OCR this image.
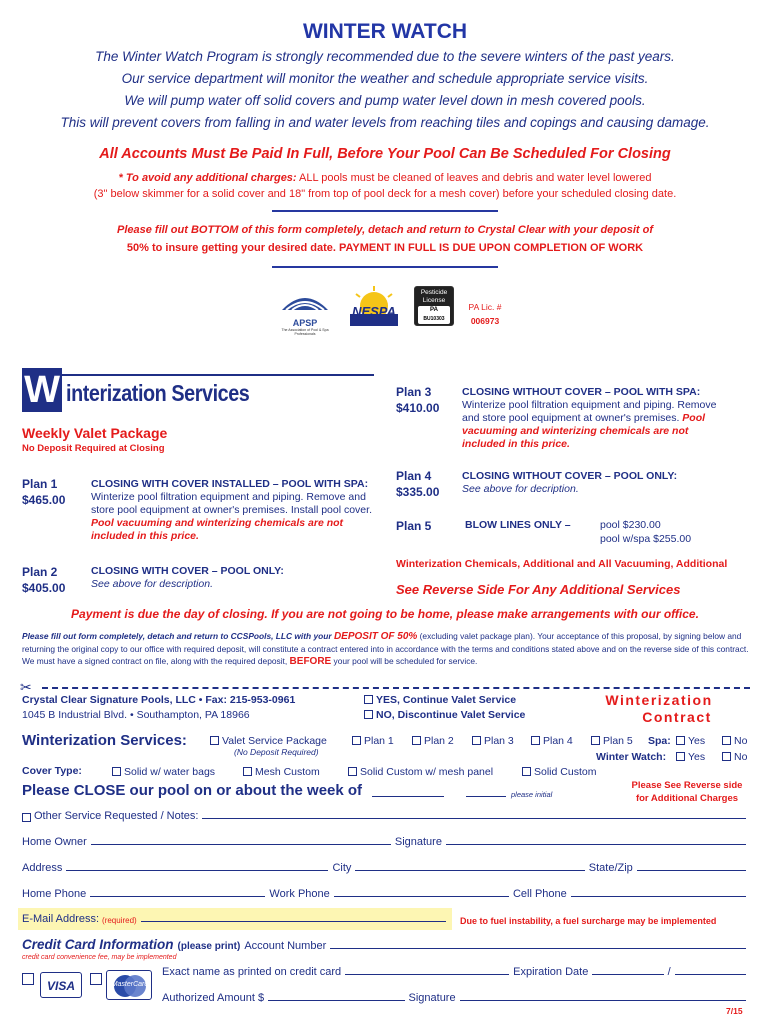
WINTER WATCH

The Winter Watch Program is strongly recommended due to the severe winters of the past years.

Our service department will monitor the weather and schedule appropriate service visits.

We will pump water off solid covers and pump water level down in mesh covered pools.

This will prevent covers from falling in and water levels from reaching tiles and copings and causing damage.

All Accounts Must Be Paid In Full, Before Your Pool Can Be Scheduled For Closing
* To avoid any additional charges: ALL pools must be cleaned of leaves and debris and water level lowered
(3" below skimmer for a solid cover and 18" from top of pool deck for a mesh cover) before your scheduled closing date.
Please fill out BOTTOM of this form completely, detach and return to Crystal Clear with your deposit of
50% to insure getting your desired date. PAYMENT IN FULL IS DUE UPON COMPLETION OF WORK
APSP
The Association of Pool & Spa Professionals
NESPA
Pesticide
License
PA
BU10303
PA Lic. #
006973
W interization Services
Weekly Valet Package
No Deposit Required at Closing
Plan 1
$465.00
CLOSING WITH COVER INSTALLED – POOL WITH SPA: Winterize pool filtration equipment and piping. Remove and store pool equipment at owner's premises. Install pool cover. Pool vacuuming and winterizing chemicals are not included in this price.
Plan 2
$405.00
CLOSING WITH COVER – POOL ONLY:
See above for description.
Plan 3
$410.00
CLOSING WITHOUT COVER – POOL WITH SPA:
Winterize pool filtration equipment and piping. Remove and store pool equipment at owner's premises. Pool vacuuming and winterizing chemicals are not included in this price.
Plan 4
$335.00
CLOSING WITHOUT COVER – POOL ONLY:
See above for decription.
Plan 5	BLOW LINES ONLY –	pool $230.00
pool w/spa $255.00
Winterization Chemicals, Additional and All Vacuuming, Additional
See Reverse Side For Any Additional Services
Payment is due the day of closing. If you are not going to be home, please make arrangements with our office.
Please fill out form completely, detach and return to CCSPools, LLC with your DEPOSIT OF 50% (excluding valet package plan). Your acceptance of this proposal, by signing below and returning the original copy to our office with required deposit, will constitute a contract entered into in accordance with the terms and conditions stated above and on the reverse side of this contract. We must have a signed contract on file, along with the required deposit, BEFORE your pool will be scheduled for service.
✂
Crystal Clear Signature Pools, LLC • Fax: 215-953-0961
1045 B Industrial Blvd. • Southampton, PA 18966
YES, Continue Valet Service
NO, Discontinue Valet Service
Winterization
Contract
Winterization Services:	Valet Service Package
(No Deposit Required)
Plan 1	Plan 2	Plan 3	Plan 4	Plan 5 Spa:	Yes	No
Winter Watch:	Yes	No
Cover Type:	Solid w/ water bags	Mesh Custom	Solid Custom w/ mesh panel	Solid Custom
Please CLOSE our pool on or about the week of	please initial
Please See Reverse side
for Additional Charges
Other Service Requested / Notes:
Home Owner	Signature
Address	City	State/Zip
Home Phone	Work Phone	Cell Phone
E-Mail Address: (required)	Due to fuel instability, a fuel surcharge may be implemented
Credit Card Information (please print) Account Number
credit card convenience fee, may be implemented
VISA	MasterCard
Exact name as printed on credit card	Expiration Date	/
Authorized Amount $	Signature
7/15
